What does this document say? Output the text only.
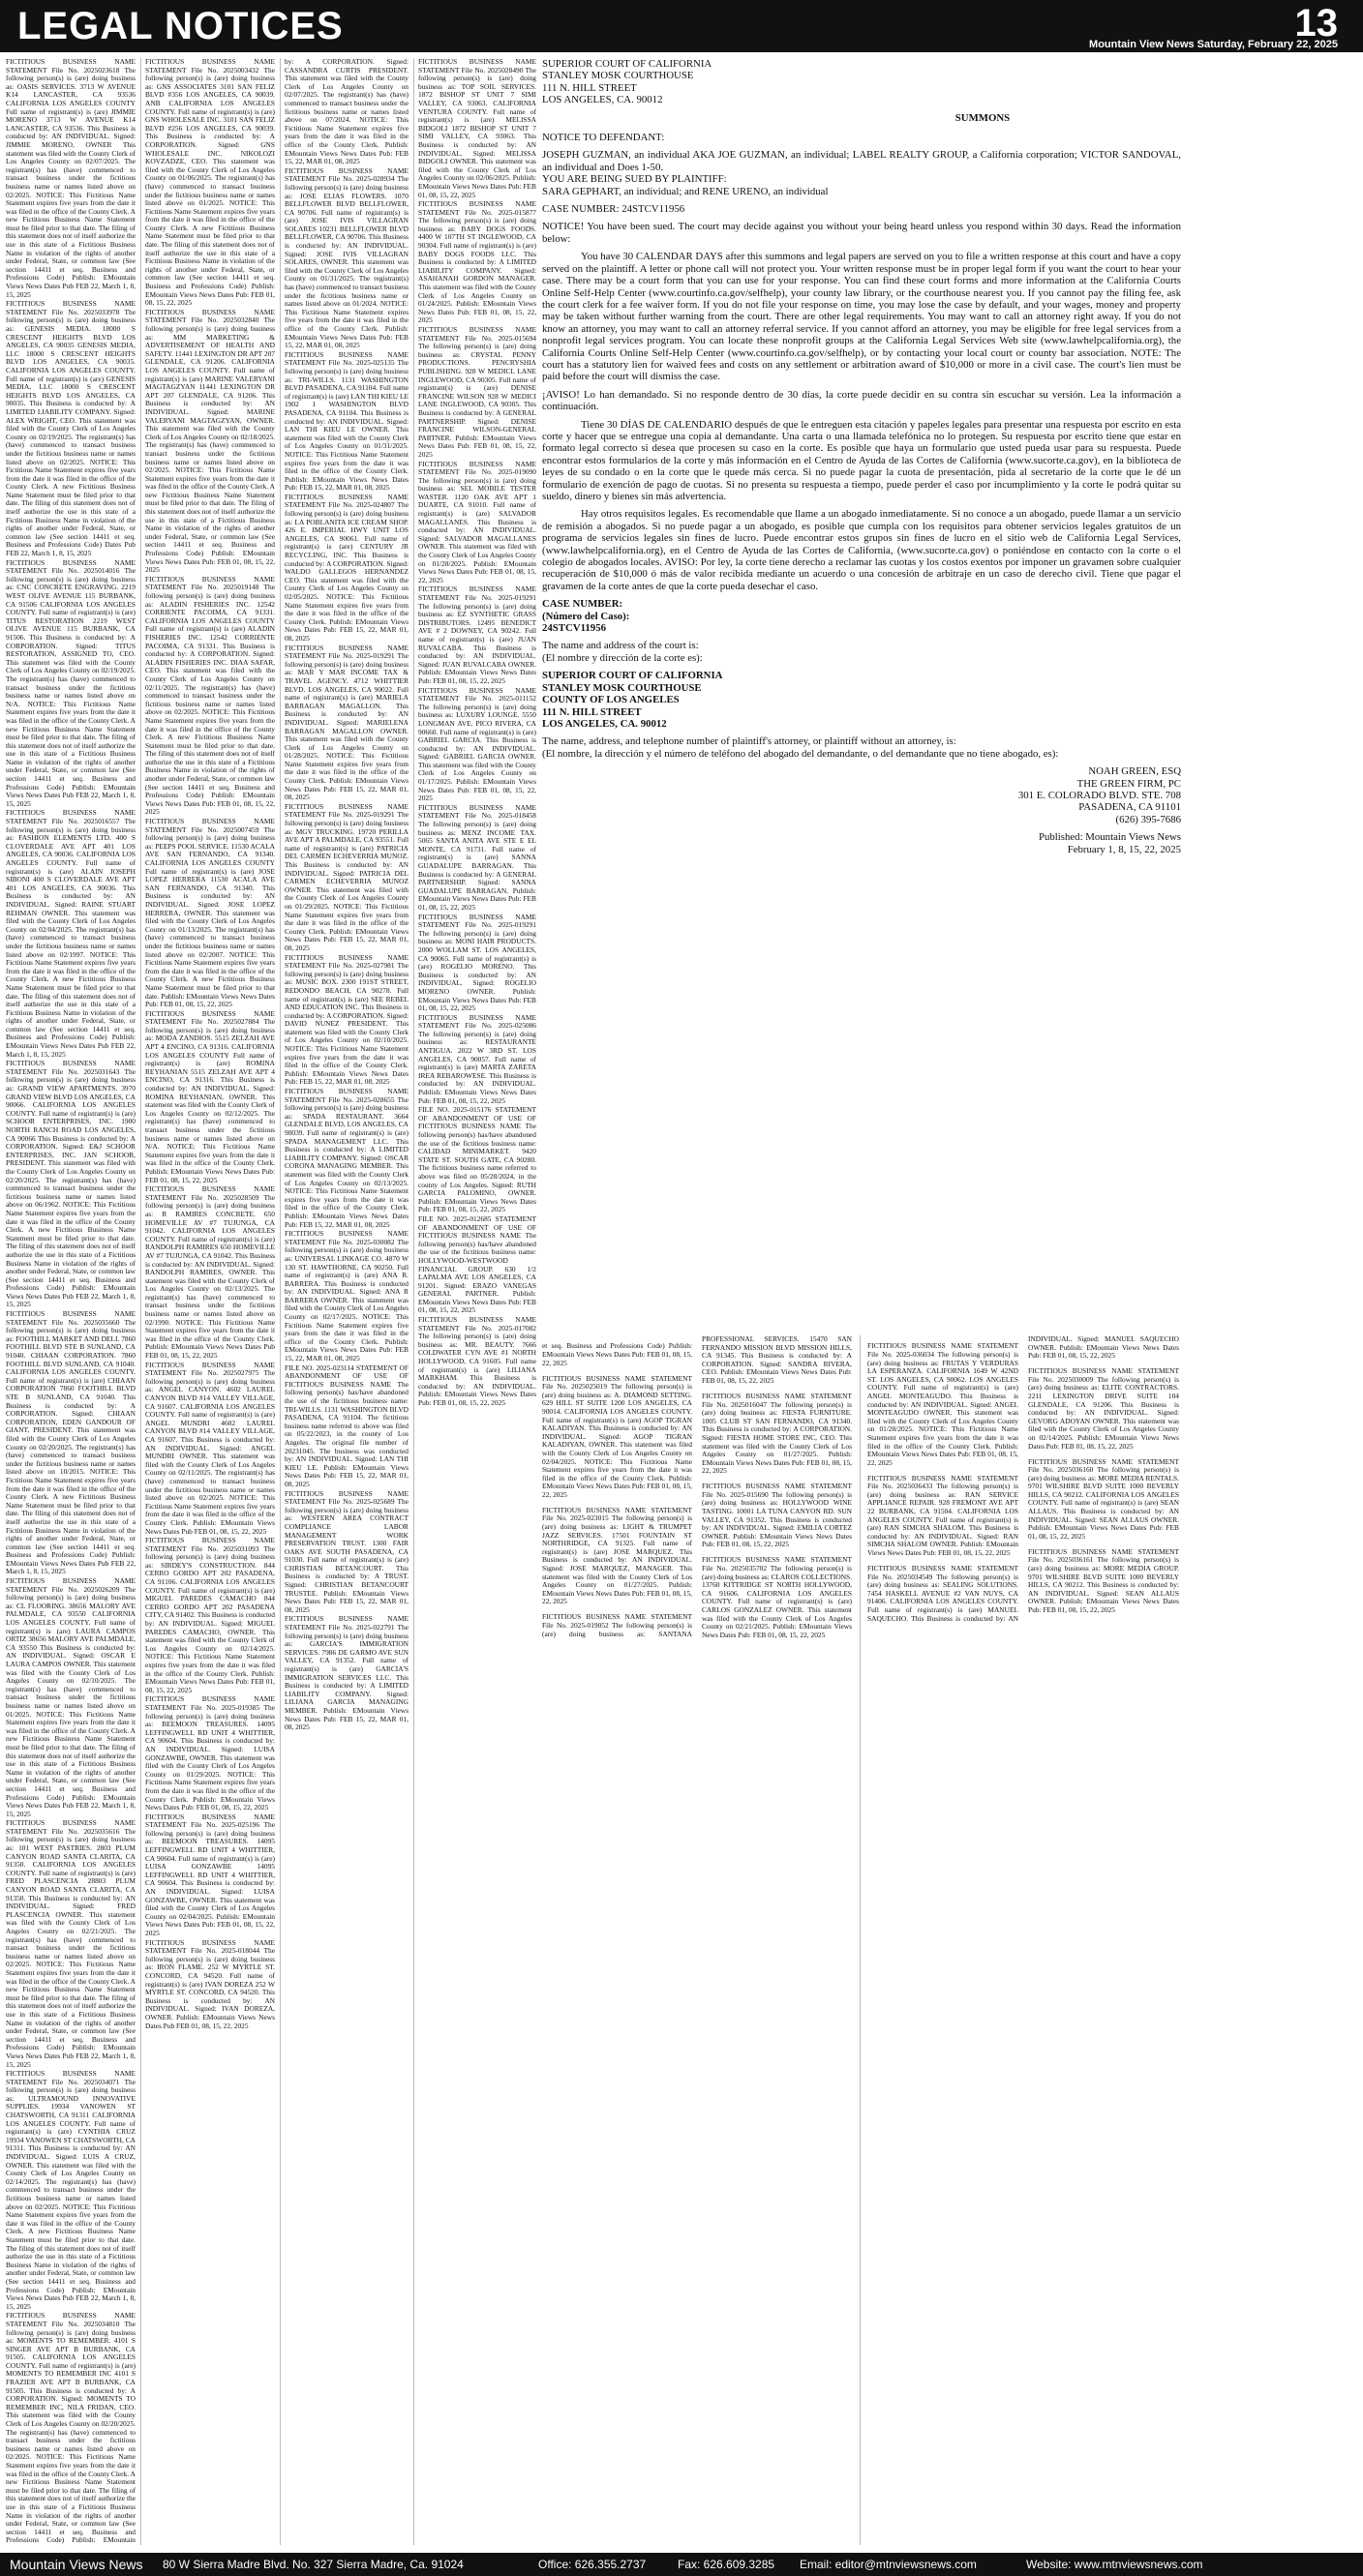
LEGAL NOTICES	13
Mountain View News Saturday, February 22, 2025

FICTITIOUS BUSINESS NAME STATEMENT File No. 2025023618 The following person(s) is (are) doing business as: OASIS SERVICES. 3713 W AVENUE K14 LANCASTER, CA 93536 CALIFORNIA LOS ANGELES COUNTY Full name of registrant(s) is (are) JIMMIE MORENO 3713 W AVENUE K14 LANCASTER, CA 93536. This Business is conducted by: AN INDIVIDUAL. Signed: JIMMIE MORENO, OWNER This statement was filed with the County Clerk of Los Angeles County on 02/07/2025. The registrant(s) has (have) commenced to transact business under the fictitious business name or names listed above on 02/2025. NOTICE: This Fictitious Name Statement expires five years from the date it was filed in the office of the County Clerk. A new Fictitious Business Name Statement must be filed prior to that date. The filing of this statement does not of itself authorize the use in this state of a Fictitious Business Name in violation of the rights of another under Federal, State, or common law (See section 14411 et seq. Business and Professions Code) Publish: EMountain Views News Dates Pub FEB 22, March 1, 8, 15, 2025

FICTITIOUS BUSINESS NAME STATEMENT File No. 2025033978 The following person(s) is (are) doing business as: GENESIS MEDIA. 18000 S CRESCENT HEIGHTS BLVD LOS ANGELES, CA 90035 GENESIS MEDIA, LLC 18000 S CRESCENT HEIGHTS BLVD LOS ANGELES, CA 90035. CALIFORNIA LOS ANGELES COUNTY. Full name of registrant(s) is (are) GENESIS MEDIA, LLC 18000 S CRESCENT HEIGHTS BLVD LOS ANGELES, CA 90035. This Business is conducted by: A LIMITED LIABILITY COMPANY. Signed: ALEX WRIGHT, CEO. This statement was filed with the County Clerk of Los Angeles County on 02/19/2025. The registrant(s) has (have) commenced to transact business under the fictitious business name or names listed above on 02/2025. NOTICE: This Fictitious Name Statement expires five years from the date it was filed in the office of the County Clerk. A new Fictitious Business Name Statement must be filed prior to that date. The filing of this statement does not of itself authorize the use in this state of a Fictitious Business Name in violation of the rights of another under Federal, State, or common law (See section 14411 et seq. Business and Professions Code) Dates Pub FEB 22, March 1, 8, 15, 2025

FICTITIOUS BUSINESS NAME STATEMENT File No. 2025014016 The following person(s) is (are) doing business as: CNC CONCRETE ENGRAVING. 2219 WEST OLIVE AVENUE 115 BURBANK, CA 91506 CALIFORNIA LOS ANGELES COUNTY. Full name of registrant(s) is (are) TITUS RESTORATION 2219 WEST OLIVE AVENUE 115 BURBANK, CA 91506. This Business is conducted by: A CORPORATION. Signed: TITUS RESTORATION, ASSIGNED TO, CEO. This statement was filed with the County Clerk of Los Angeles County on 02/19/2025. The registrant(s) has (have) commenced to transact business under the fictitious business name or names listed above on N/A. NOTICE: This Fictitious Name Statement expires five years from the date it was filed in the office of the County Clerk. A new Fictitious Business Name Statement must be filed prior to that date. The filing of this statement does not of itself authorize the use in this state of a Fictitious Business Name in violation of the rights of another under Federal, State, or common law (See section 14411 et seq. Business and Professions Code) Publish: EMountain Views News Dates Pub FEB 22, March 1, 8, 15, 2025

FICTITIOUS BUSINESS NAME STATEMENT File No. 2025016557 The following person(s) is (are) doing business as: FASHION ELEMENTS LTD. 400 S CLOVERDALE AVE APT 401 LOS ANGELES, CA 90036. CALIFORNIA LOS ANGELES COUNTY. Full name of registrant(s) is (are) ALAIN JOSEPH SIBONI 400 S CLOVERDALE AVE APT 401 LOS ANGELES, CA 90036. This Business is conducted by: AN INDIVIDUAL. Signed: RAINE STUART REHMAN OWNER. This statement was filed with the County Clerk of Los Angeles County on 02/04/2025. The registrant(s) has (have) commenced to transact business under the fictitious business name or names listed above on 02/1997. NOTICE: This Fictitious Name Statement expires five years from the date it was filed in the office of the County Clerk. A new Fictitious Business Name Statement must be filed prior to that date. The filing of this statement does not of itself authorize the use in this state of a Fictitious Business Name in violation of the rights of another under Federal, State, or common law (See section 14411 et seq. Business and Professions Code) Publish: EMountain Views News Dates Pub FEB 22, March 1, 8, 15, 2025

FICTITIOUS BUSINESS NAME STATEMENT File No. 2025031643 The following person(s) is (are) doing business as: GRAND VIEW APARTMENTS. 3970 GRAND VIEW BLVD LOS ANGELES, CA 90066. CALIFORNIA LOS ANGELES COUNTY. Full name of registrant(s) is (are) SCHOOR ENTERPRISES, INC. 1900 NORTH RANCH ROAD LOS ANGELES, CA 90066 This Business is conducted by: A CORPORATION. Signed: E&J SCHOOR ENTERPRISES, INC. JAN SCHOOR, PRESIDENT. This statement was filed with the County Clerk of Los Angeles County on 02/20/2025. The registrant(s) has (have) commenced to transact business under the fictitious business name or names listed above on 06/1962. NOTICE: This Fictitious Name Statement expires five years from the date it was filed in the office of the County Clerk. A new Fictitious Business Name Statement must be filed prior to that date. The filing of this statement does not of itself authorize the use in this state of a Fictitious Business Name in violation of the rights of another under Federal, State, or common law (See section 14411 et seq. Business and Professions Code) Publish: EMountain Views News Dates Pub FEB 22, March 1, 8, 15, 2025

FICTITIOUS BUSINESS NAME STATEMENT File No. 2025035660 The following person(s) is (are) doing business as: FOOTHILL MARKET AND DELI. 7860 FOOTHILL BLVD STE B SUNLAND, CA 91040. CHIAAN CORPORATION. 7860 FOOTHILL BLVD SUNLAND, CA 91040. CALIFORNIA LOS ANGELES COUNTY. Full name of registrant(s) is (are) CHIAAN CORPORATION 7860 FOOTHILL BLVD STE B SUNLAND, CA 91040. This Business is conducted by: A CORPORATION. Signed: CHIAAN CORPORATION, EDEN GANDOUR OF GIANT, PRESIDENT. This statement was filed with the County Clerk of Los Angeles County on 02/20/2025. The registrant(s) has (have) commenced to transact business under the fictitious business name or names listed above on 10/2015. NOTICE: This Fictitious Name Statement expires five years from the date it was filed in the office of the County Clerk. A new Fictitious Business Name Statement must be filed prior to that date. The filing of this statement does not of itself authorize the use in this state of a Fictitious Business Name in violation of the rights of another under Federal, State, or common law (See section 14411 et seq. Business and Professions Code) Publish: EMountain Views News Dates Pub FEB 22, March 1, 8, 15, 2025

FICTITIOUS BUSINESS NAME STATEMENT File No. 2025026209 The following person(s) is (are) doing business as: CL FLOORING. 38656 MALORY AVE PALMDALE, CA 93550 CALIFORNIA LOS ANGELES COUNTY. Full name of registrant(s) is (are) LAURA CAMPOS ORTIZ 38656 MALORY AVE PALMDALE, CA 93550 This Business is conducted by: AN INDIVIDUAL. Signed: OSCAR E LAURA CAMPOS OWNER. This statement was filed with the County Clerk of Los Angeles County on 02/10/2025. The registrant(s) has (have) commenced to transact business under the fictitious business name or names listed above on 01/2025. NOTICE: This Fictitious Name Statement expires five years from the date it was filed in the office of the County Clerk. A new Fictitious Business Name Statement must be filed prior to that date. The filing of this statement does not of itself authorize the use in this state of a Fictitious Business Name in violation of the rights of another under Federal, State, or common law (See section 14411 et seq. Business and Professions Code) Publish: EMountain Views News Dates Pub FEB 22, March 1, 8, 15, 2025

FICTITIOUS BUSINESS NAME STATEMENT File No. 2025035616 The following person(s) is (are) doing business as: 101 WEST PASTRIES. 2803 PLUM CANYON ROAD SANTA CLARITA, CA 91350. CALIFORNIA LOS ANGELES COUNTY. Full name of registrant(s) is (are) FRED PLASCENCIA 28803 PLUM CANYON ROAD SANTA CLARITA, CA 91350. This Business is conducted by: AN INDIVIDUAL. Signed: FRED PLASCENCIA OWNER. This statement was filed with the County Clerk of Los Angeles County on 02/21/2025. The registrant(s) has (have) commenced to transact business under the fictitious business name or names listed above on 02/2025. NOTICE: This Fictitious Name Statement expires five years from the date it was filed in the office of the County Clerk. A new Fictitious Business Name Statement must be filed prior to that date. The filing of this statement does not of itself authorize the use in this state of a Fictitious Business Name in violation of the rights of another under Federal, State, or common law (See section 14411 et seq. Business and Professions Code) Publish: EMountain Views News Dates Pub FEB 22, March 1, 8, 15, 2025

FICTITIOUS BUSINESS NAME STATEMENT File No. 2025034071 The following person(s) is (are) doing business as: ULTRAMOUND INNOVATIVE SUPPLIES. 19934 VANOWEN ST CHATSWORTH, CA 91311 CALIFORNIA LOS ANGELES COUNTY. Full name of registrant(s) is (are) CYNTHIA CRUZ 19934 VANOWEN ST CHATSWORTH, CA 91311. This Business is conducted by: AN INDIVIDUAL. Signed: LUIS A CRUZ, OWNER. This statement was filed with the County Clerk of Los Angeles County on 02/14/2025. The registrant(s) has (have) commenced to transact business under the fictitious business name or names listed above on 02/2025. NOTICE: This Fictitious Name Statement expires five years from the date it was filed in the office of the County Clerk. A new Fictitious Business Name Statement must be filed prior to that date. The filing of this statement does not of itself authorize the use in this state of a Fictitious Business Name in violation of the rights of another under Federal, State, or common law (See section 14411 et seq. Business and Professions Code) Publish: EMountain Views News Dates Pub FEB 22, March 1, 8, 15, 2025

FICTITIOUS BUSINESS NAME STATEMENT File No. 2025034810 The following person(s) is (are) doing business as: MOMENTS TO REMEMBER. 4101 S SINGER AVE APT B BURBANK, CA 91505. CALIFORNIA LOS ANGELES COUNTY. Full name of registrant(s) is (are) MOMENTS TO REMEMBER INC 4101 S FRAZIER AVE APT B BURBANK, CA 91505. This Business is conducted by: A CORPORATION. Signed: MOMENTS TO REMEMBER INC, NILA FRIDAN, CEO. This statement was filed with the County Clerk of Los Angeles County on 02/20/2025. The registrant(s) has (have) commenced to transact business under the fictitious business name or names listed above on 02/2025. NOTICE: This Fictitious Name Statement expires five years from the date it was filed in the office of the County Clerk. A new Fictitious Business Name Statement must be filed prior to that date. The filing of this statement does not of itself authorize the use in this state of a Fictitious Business Name in violation of the rights of another under Federal, State, or common law (See section 14411 et seq. Business and Professions Code) Publish: EMountain

FICTITIOUS BUSINESS NAME STATEMENT File No. 2025003432 The following person(s) is (are) doing business as: GNS ASSOCIATES 3101 SAN FELIZ BLVD #356 LOS ANGELES, CA 90039. ANB CALIFORNIA LOS ANGELES COUNTY. Full name of registrant(s) is (are) GNS WHOLESALE INC. 3101 SAN FELIZ BLVD #256 LOS ANGELES, CA 90039. This Business is conducted by: A CORPORATION. Signed: GNS WHOLESALE INC. NIKOLOZI KOVZADZE, CEO. This statement was filed with the County Clerk of Los Angeles County on 01/06/2025. The registrant(s) has (have) commenced to transact business under the fictitious business name or names listed above on 01/2025. NOTICE: This Fictitious Name Statement expires five years from the date it was filed in the office of the County Clerk. A new Fictitious Business Name Statement must be filed prior to that date. The filing of this statement does not of itself authorize the use in this state of a Fictitious Business Name in violation of the rights of another under Federal, State, or common law (See section 14411 et seq. Business and Professions Code) Publish: EMountain Views News Dates Pub: FEB 01, 08, 15, 22, 2025

FICTITIOUS BUSINESS NAME STATEMENT File No. 2025032840 The following person(s) is (are) doing business as: MM MARKETING & ADVERTISEMENT OF HEALTH AND SAFETY. 11441 LEXINGTON DR APT 207 GLENDALE, CA 91206. CALIFORNIA LOS ANGELES COUNTY. Full name of registrant(s) is (are) MARINE VALERYANI MAGTAGZYAN 11441 LEXINGTON DR APT 207 GLENDALE, CA 91206. This Business is conducted by: AN INDIVIDUAL. Signed: MARINE VALERYANI MAGTAGZYAN, OWNER. This statement was filed with the County Clerk of Los Angeles County on 02/18/2025. The registrant(s) has (have) commenced to transact business under the fictitious business name or names listed above on 02/2025. NOTICE: This Fictitious Name Statement expires five years from the date it was filed in the office of the County Clerk. A new Fictitious Business Name Statement must be filed prior to that date. The filing of this statement does not of itself authorize the use in this state of a Fictitious Business Name in violation of the rights of another under Federal, State, or common law (See section 14411 et seq. Business and Professions Code) Publish: EMountain Views News Dates Pub: FEB 01, 08, 15, 22, 2025

FICTITIOUS BUSINESS NAME STATEMENT File No. 2025019148 The following person(s) is (are) doing business as: ALADIN FISHERIES INC. 12542 CORRIENTE PACOIMA, CA 91331. CALIFORNIA LOS ANGELES COUNTY Full name of registrant(s) is (are) ALADIN FISHERIES INC. 12542 CORRIENTE PACOIMA, CA 91331. This Business is conducted by: A CORPORATION. Signed: ALADIN FISHERIES INC. DIAA SAFAR, CEO. This statement was filed with the County Clerk of Los Angeles County on 02/11/2025. The registrant(s) has (have) commenced to transact business under the fictitious business name or names listed above on 02/2025. NOTICE: This Fictitious Name Statement expires five years from the date it was filed in the office of the County Clerk. A new Fictitious Business Name Statement must be filed prior to that date. The filing of this statement does not of itself authorize the use in this state of a Fictitious Business Name in violation of the rights of another under Federal, State, or common law (See section 14411 et seq. Business and Professions Code) Publish: EMountain Views News Dates Pub: FEB 01, 08, 15, 22, 2025

FICTITIOUS BUSINESS NAME STATEMENT File No. 2025007459 The following person(s) is (are) doing business as: PEEPS POOL SERVICE. 11530 ACALA AVE SAN FERNANDO, CA 91340. CALIFORNIA LOS ANGELES COUNTY Full name of registrant(s) is (are) JOSE LOPEZ HERRERA 11530 ACALA AVE SAN FERNANDO, CA 91340. This Business is conducted by: AN INDIVIDUAL. Signed: JOSE LOPEZ HERRERA, OWNER. This statement was filed with the County Clerk of Los Angeles County on 01/13/2025. The registrant(s) has (have) commenced to transact business under the fictitious business name or names listed above on 02/2007. NOTICE: This Fictitious Name Statement expires five years from the date it was filed in the office of the County Clerk. A new Fictitious Business Name Statement must be filed prior to that date. Publish: EMountain Views News Dates Pub: FEB 01, 08, 15, 22, 2025

FICTITIOUS BUSINESS NAME STATEMENT File No. 2025027884 The following person(s) is (are) doing business as: MODA ZANDIOS. 5515 ZELZAH AVE APT 4 ENCINO, CA 91316. CALIFORNIA LOS ANGELES COUNTY Full name of registrant(s) is (are) ROMINA REYHANIAN 5515 ZELZAH AVE APT 4 ENCINO, CA 91316. This Business is conducted by: AN INDIVIDUAL. Signed: ROMINA REYHANIAN, OWNER. This statement was filed with the County Clerk of Los Angeles County on 02/12/2025. The registrant(s) has (have) commenced to transact business under the fictitious business name or names listed above on N/A. NOTICE: This Fictitious Name Statement expires five years from the date it was filed in the office of the County Clerk. Publish: EMountain Views News Dates Pub: FEB 01, 08, 15, 22, 2025

FICTITIOUS BUSINESS NAME STATEMENT File No. 2025028509 The following person(s) is (are) doing business as: R RAMIRES CONCRETE. 650 HOMEVILLE AV #7 TUJUNGA, CA 91042. CALIFORNIA LOS ANGELES COUNTY. Full name of registrant(s) is (are) RANDOLPH RAMIRES 650 HOMEVILLE AV #7 TUJUNGA, CA 91042. This Business is conducted by: AN INDIVIDUAL. Signed: RANDOLPH RAMIRES, OWNER. This statement was filed with the County Clerk of Los Angeles County on 02/13/2025. The registrant(s) has (have) commenced to transact business under the fictitious business name or names listed above on 02/1990. NOTICE: This Fictitious Name Statement expires five years from the date it was filed in the office of the County Clerk. Publish: EMountain Views News Dates Pub FEB 01, 08, 15, 22, 2025

FICTITIOUS BUSINESS NAME STATEMENT File No. 2025027975 The following person(s) is (are) doing business as: ANGEL CANYON. 4602 LAUREL CANYON BLVD #14 VALLEY VILLAGE, CA 91607. CALIFORNIA LOS ANGELES COUNTY. Full name of registrant(s) is (are) ANGEL MUNDRI 4602 LAUREL CANYON BLVD #14 VALLEY VILLAGE, CA 91607. This Business is conducted by: AN INDIVIDUAL. Signed: ANGEL MUNDRI OWNER. This statement was filed with the County Clerk of Los Angeles County on 02/11/2025. The registrant(s) has (have) commenced to transact business under the fictitious business name or names listed above on 02/2025. NOTICE: This Fictitious Name Statement expires five years from the date it was filed in the office of the County Clerk. Publish: EMountain Views News Dates Pub FEB 01, 08, 15, 22, 2025

FICTITIOUS BUSINESS NAME STATEMENT File No. 2025031093 The following person(s) is (are) doing business as: SIRDEY'S CONSTRUCTION. 844 CERRO GORDO APT 202 PASADENA, CA 91106. CALIFORNIA LOS ANGELES COUNTY. Full name of registrant(s) is (are) MIGUEL PAREDES CAMACHO 844 CERRO GORDO APT 202 PASADENA CITY, CA 91402. This Business is conducted by: AN INDIVIDUAL. Signed: MIGUEL PAREDES CAMACHO, OWNER. This statement was filed with the County Clerk of Los Angeles County on 02/14/2025. NOTICE: This Fictitious Name Statement expires five years from the date it was filed in the office of the County Clerk. Publish: EMountain Views News Dates Pub: FEB 01, 08, 15, 22, 2025

FICTITIOUS BUSINESS NAME STATEMENT File No. 2025-019385 The following person(s) is (are) doing business as: BEEMOON TREASURES. 14095 LEFFINGWELL RD UNIT 4 WHITTIER, CA 90604. This Business is conducted by: AN INDIVIDUAL. Signed: LUISA GONZAWBE, OWNER. This statement was filed with the County Clerk of Los Angeles County on 01/29/2025. NOTICE: This Fictitious Name Statement expires five years from the date it was filed in the office of the County Clerk. Publish: EMountain Views News Dates Pub: FEB 01, 08, 15, 22, 2025

FICTITIOUS BUSINESS NAME STATEMENT File No. 2025-025196 The following person(s) is (are) doing business as: BEEMOON TREASURES. 14095 LEFFINGWELL RD UNIT 4 WHITTIER, CA 90604. Full name of registrant(s) is (are) LUISA GONZAWBE 14095 LEFFINGWELL RD UNIT 4 WHITTIER, CA 90604. This Business is conducted by: AN INDIVIDUAL. Signed: LUISA GONZAWBE, OWNER. This statement was filed with the County Clerk of Los Angeles County on 02/04/2025. Publish: EMountain Views News Dates Pub: FEB 01, 08, 15, 22, 2025

FICTITIOUS BUSINESS NAME STATEMENT File No. 2025-018044 The following person(s) is (are) doing business as: IRON FLAME. 252 W MYRTLE ST. CONCORD, CA 94520. Full name of registrant(s) is (are) IVAN DOREZA 252 W MYRTLE ST. CONCORD, CA 94520. This Business is conducted by: AN INDIVIDUAL. Signed: IVAN DOREZA, OWNER. Publish: EMountain Views News Dates Pub FEB 01, 08, 15, 22, 2025

by: A CORPORATION. Signed: CASSANDRA CURTIS PRESIDENT. This statement was filed with the County Clerk of Los Angeles County on 02/07/2025. The registrant(s) has (have) commenced to transact business under the fictitious business name or names listed above on 07/2024. NOTICE: This Fictitious Name Statement expires five years from the date it was filed in the office of the County Clerk. Publish: EMountain Views News Dates Pub: FEB 15, 22, MAR 01, 08, 2025

FICTITIOUS BUSINESS NAME STATEMENT File No. 2025-028934 The following person(s) is (are) doing business as: JOSE ELIAS FLOWERS. 1070 BELLFLOWER BLVD BELLFLOWER, CA 90706. Full name of registrant(s) is (are) JOSE IVIS VILLAGRAN SOLARES 10231 BELLFLOWER BLVD BELLFLOWER, CA 90706. This Business is conducted by: AN INDIVIDUAL. Signed: JOSE IVIS VILLAGRAN SOLARES, OWNER. This statement was filed with the County Clerk of Los Angeles County on 01/31/2025. The registrant(s) has (have) commenced to transact business under the fictitious business name or names listed above on 01/2024. NOTICE: This Fictitious Name Statement expires five years from the date it was filed in the office of the County Clerk. Publish: EMountain Views News Dates Pub: FEB 15, 22, MAR 01, 08, 2025

FICTITIOUS BUSINESS NAME STATEMENT File No. 2025-025135 The following person(s) is (are) doing business as: TRI-WILLS. 1131 WASHINGTON BLVD PASADENA, CA 91104. Full name of registrant(s) is (are) LAN THI KIEU LE 1902 1 WASHINGTON BLVD PASADENA, CA 91104. This Business is conducted by: AN INDIVIDUAL. Signed: LAN THI KIEU LE OWNER. This statement was filed with the County Clerk of Los Angeles County on 01/31/2025. NOTICE: This Fictitious Name Statement expires five years from the date it was filed in the office of the County Clerk. Publish: EMountain Views News Dates Pub: FEB 15, 22, MAR 01, 08, 2025

FICTITIOUS BUSINESS NAME STATEMENT File No. 2025-024807 The following person(s) is (are) doing business as: LA POBLANITA ICE CREAM SHOP. 426 E. IMPERIAL HWY UNIT LOS ANGELES, CA 90061. Full name of registrant(s) is (are) CENTURY JR RECYCLING, INC. This Business is conducted by: A CORPORATION. Signed: WALDO GALLEGOS HERNANDEZ CEO. This statement was filed with the County Clerk of Los Angeles County on 02/05/2025. NOTICE: This Fictitious Name Statement expires five years from the date it was filed in the office of the County Clerk. Publish: EMountain Views News Dates Pub: FEB 15, 22, MAR 01, 08, 2025

FICTITIOUS BUSINESS NAME STATEMENT File No. 2025-019291 The following person(s) is (are) doing business as: MAR Y MAR INCOME TAX & TRAVEL AGENCY. 4712 WHITTIER BLVD. LOS ANGELES, CA 90022. Full name of registrant(s) is (are) MARIELA BARRAGAN MAGALLON. This Business is conducted by: AN INDIVIDUAL. Signed: MARIELENA BARRAGAN MAGALLON OWNER. This statement was filed with the County Clerk of Los Angeles County on 01/28/2025. NOTICE: This Fictitious Name Statement expires five years from the date it was filed in the office of the County Clerk. Publish: EMountain Views News Dates Pub: FEB 15, 22, MAR 01, 08, 2025

FICTITIOUS BUSINESS NAME STATEMENT File No. 2025-019291 The following person(s) is (are) doing business as: MGV TRUCKING. 19720 PERILLA AVE APT A PALMDALE, CA 93551. Full name of registrant(s) is (are) PATRICIA DEL CARMEN ECHEVERRIA MUNOZ. This Business is conducted by: AN INDIVIDUAL. Signed: PATRICIA DEL CARMEN ECHEVERRIA MUNOZ OWNER. This statement was filed with the County Clerk of Los Angeles County on 01/29/2025. NOTICE: This Fictitious Name Statement expires five years from the date it was filed in the office of the County Clerk. Publish: EMountain Views News Dates Pub: FEB 15, 22, MAR 01, 08, 2025

FICTITIOUS BUSINESS NAME STATEMENT File No. 2025-027981 The following person(s) is (are) doing business as: MUSIC BOX. 2300 191ST STREET, REDONDO BEACH, CA 90278. Full name of registrant(s) is (are) SEE REBEL AND EDUCATION INC. This Business is conducted by: A CORPORATION. Signed: DAVID NUNEZ PRESIDENT. This statement was filed with the County Clerk of Los Angeles County on 02/10/2025. NOTICE: This Fictitious Name Statement expires five years from the date it was filed in the office of the County Clerk. Publish: EMountain Views News Dates Pub: FEB 15, 22, MAR 01, 08, 2025

FICTITIOUS BUSINESS NAME STATEMENT File No. 2025-028655 The following person(s) is (are) doing business as: SPADA RESTAURANT. 3664 GLENDALE BLVD, LOS ANGELES, CA 90039. Full name of registrant(s) is (are) SPADA MANAGEMENT LLC. This Business is conducted by: A LIMITED LIABILITY COMPANY. Signed: OSCAR CORONA MANAGING MEMBER. This statement was filed with the County Clerk of Los Angeles County on 02/13/2025. NOTICE: This Fictitious Name Statement expires five years from the date it was filed in the office of the County Clerk. Publish: EMountain Views News Dates Pub: FEB 15, 22, MAR 01, 08, 2025

FICTITIOUS BUSINESS NAME STATEMENT File No. 2025-030082 The following person(s) is (are) doing business as: UNIVERSAL LINKAGE CO. 4870 W 130 ST. HAWTHORNE, CA 90250. Full name of registrant(s) is (are) ANA R. BARRERA. This Business is conducted by: AN INDIVIDUAL. Signed: ANA R BARRERA OWNER. This statement was filed with the County Clerk of Los Angeles County on 02/17/2025. NOTICE: This Fictitious Name Statement expires five years from the date it was filed in the office of the County Clerk. Publish: EMountain Views News Dates Pub: FEB 15, 22, MAR 01, 08, 2025

FILE NO. 2025-023114 STATEMENT OF ABANDONMENT OF USE OF FICTITIOUS BUSINESS NAME The following person(s) has/have abandoned the use of the fictitious business name: TRI-WILLS. 1131 WASHINGTON BLVD PASADENA, CA 91104. The fictitious business name referred to above was filed on 05/22/2023, in the county of Los Angeles. The original file number of 20231045. The business was conducted by: AN INDIVIDUAL. Signed: LAN THI KIEU LE. Publish: EMountain Views News Dates Pub: FEB 15, 22, MAR 01, 08, 2025

FICTITIOUS BUSINESS NAME STATEMENT File No. 2025-025689 The following person(s) is (are) doing business as: WESTERN AREA CONTRACT COMPLIANCE LABOR MANAGEMENT WORK PRESERVATION TRUST. 1300 FAIR OAKS AVE SOUTH PASADENA, CA 91030. Full name of registrant(s) is (are) CHRISTIAN BETANCOURT. This Business is conducted by: A TRUST. Signed: CHRISTIAN BETANCOURT TRUSTEE. Publish: EMountain Views News Dates Pub: FEB 15, 22, MAR 01, 08, 2025

FICTITIOUS BUSINESS NAME STATEMENT File No. 2025-022791 The following person(s) is (are) doing business as: GARCIA'S IMMIGRATION SERVICES. 7986 DE GARMO AVE SUN VALLEY, CA 91352. Full name of registrant(s) is (are) GARCIA'S IMMIGRATION SERVICES LLC. This Business is conducted by: A LIMITED LIABILITY COMPANY. Signed: LILIANA GARCIA MANAGING MEMBER. Publish: EMountain Views News Dates Pub: FEB 15, 22, MAR 01, 08, 2025

FICTITIOUS BUSINESS NAME STATEMENT File No. 2025028490 The following person(s) is (are) doing business as: TOP SOIL SERVICES. 1872 BISHOP ST UNIT 7 SIMI VALLEY, CA 93063. CALIFORNIA VENTURA COUNTY. Full name of registrant(s) is (are) MELISSA BIDGOLI 1872 BISHOP ST UNIT 7 SIMI VALLEY, CA 93063. This Business is conducted by: AN INDIVIDUAL. Signed: MELISSA BIDGOLI OWNER. This statement was filed with the County Clerk of Los Angeles County on 02/06/2025. Publish: EMountain Views News Dates Pub: FEB 01, 08, 15, 22, 2025

FICTITIOUS BUSINESS NAME STATEMENT File No. 2025-015877 The following person(s) is (are) doing business as: BABY DOGS FOODS. 4400 W 107TH ST INGLEWOOD, CA 90304. Full name of registrant(s) is (are) BABY DOGS FOODS LLC. This Business is conducted by: A LIMITED LIABILITY COMPANY. Signed: ASAHANAH GORDON MANAGER. This statement was filed with the County Clerk of Los Angeles County on 01/24/2025. Publish: EMountain Views News Dates Pub: FEB 01, 08, 15, 22, 2025

FICTITIOUS BUSINESS NAME STATEMENT File No. 2025-015694 The following person(s) is (are) doing business as: CRYSTAL PENNY PRODUCTIONS. PENCRYSHIA PUBLISHING. 928 W MEDICL LANE INGLEWOOD, CA 90305. Full name of registrant(s) is (are) DENISE FRANCINE WILSON 928 W MEDICI LANE INGLEWOOD, CA 90305. This Business is conducted by: A GENERAL PARTNERSHIP. Signed: DENISE FRANCINE WILSON-GENERAL PARTNER. Publish: EMountain Views News Dates Pub: FEB 01, 08, 15, 22, 2025

FICTITIOUS BUSINESS NAME STATEMENT File No. 2025-019090 The following person(s) is (are) doing business as: SEL MOBILE TESTER WASTER. 1120 OAK AVE APT 1 DUARTE, CA 91010. Full name of registrant(s) is (are) SALVADOR MAGALLANES. This Business is conducted by: AN INDIVIDUAL. Signed: SALVADOR MAGALLANES OWNER. This statement was filed with the County Clerk of Los Angeles County on 01/28/2025. Publish: EMountain Views News Dates Pub: FEB 01, 08, 15, 22, 2025

FICTITIOUS BUSINESS NAME STATEMENT File No. 2025-019291 The following person(s) is (are) doing business as: EZ SYNTHETIC GRASS DISTRIBUTORS. 12495 BENEDICT AVE # 2 DOWNEY, CA 90242. Full name of registrant(s) is (are) JUAN RUVALCABA. This Business is conducted by: AN INDIVIDUAL. Signed: JUAN RUVALCABA OWNER. Publish: EMountain Views News Dates Pub: FEB 01, 08, 15, 22, 2025

FICTITIOUS BUSINESS NAME STATEMENT File No. 2025-011152 The following person(s) is (are) doing business as: LUXURY LOUNGE. 5550 LONGMAN AVE. PICO RIVERA, CA 90660. Full name of registrant(s) is (are) GABRIEL GARCIA. This Business is conducted by: AN INDIVIDUAL. Signed: GABRIEL GARCIA OWNER. This statement was filed with the County Clerk of Los Angeles County on 01/17/2025. Publish: EMountain Views News Dates Pub: FEB 01, 08, 15, 22, 2025

FICTITIOUS BUSINESS NAME STATEMENT File No. 2025-018458 The following person(s) is (are) doing business as: MENZ INCOME TAX. 5065 SANTA ANITA AVE STE E EL MONTE, CA 91731. Full name of registrant(s) is (are) SANNA GUADALUPE BARRAGAN. This Business is conducted by: A GENERAL PARTNERSHIP. Signed: SANNA GUADALUPE BARRAGAN. Publish: EMountain Views News Dates Pub: FEB 01, 08, 15, 22, 2025

FICTITIOUS BUSINESS NAME STATEMENT File No. 2025-019291 The following person(s) is (are) doing business as: MONI HAIR PRODUCTS. 2000 WOLLAM ST. LOS ANGELES, CA 90065. Full name of registrant(s) is (are) ROGELIO MORENO. This Business is conducted by: AN INDIVIDUAL. Signed: ROGELIO MORENO OWNER. Publish: EMountain Views News Dates Pub: FEB 01, 08, 15, 22, 2025

FICTITIOUS BUSINESS NAME STATEMENT File No. 2025-025086 The following person(s) is (are) doing business as: RESTAURANTE ANTIGUA. 2022 W 3RD ST. LOS ANGELES, CA 90057. Full name of registrant(s) is (are) MARTA ZARETA IREA REBAROWESE. This Business is conducted by: AN INDIVIDUAL. Publish: EMountain Views News Dates Pub: FEB 01, 08, 15, 22, 2025

FILE NO. 2025-015176 STATEMENT OF ABANDONMENT OF USE OF FICTITIOUS BUSINESS NAME The following person(s) has/have abandoned the use of the fictitious business name: CALIDAD MINIMARKET. 9420 STATE ST. SOUTH GATE, CA 90280. The fictitious business name referred to above was filed on 05/28/2024, in the county of Los Angeles. Signed: RUTH GARCIA PALOMINO, OWNER. Publish: EMountain Views News Dates Pub: FEB 01, 08, 15, 22, 2025

FILE NO. 2025-012685 STATEMENT OF ABANDONMENT OF USE OF FICTITIOUS BUSINESS NAME The following person(s) has/have abandoned the use of the fictitious business name: HOLLYWOOD-WESTWOOD FINANCIAL GROUP. 630 1/2 LAPALMA AVE LOS ANGELES, CA 91201. Signed: ERAZO VANEGAS GENERAL PARTNER. Publish: EMountain Views News Dates Pub: FEB 01, 08, 15, 22, 2025

FICTITIOUS BUSINESS NAME STATEMENT File No. 2025-017082 The following person(s) is (are) doing business as: MR. BEAUTY. 7666 COLDWATER CYN AVE #1 NORTH HOLLYWOOD, CA 91605. Full name of registrant(s) is (are) LILIANA MARKHAM. This Business is conducted by: AN INDIVIDUAL. Publish: EMountain Views News Dates Pub: FEB 01, 08, 15, 22, 2025

SUPERIOR COURT OF CALIFORNIA

STANLEY MOSK COURTHOUSE

111 N. HILL STREET

LOS ANGELES, CA. 90012

SUMMONS

NOTICE TO DEFENDANT:

JOSEPH GUZMAN, an individual AKA JOE GUZMAN, an individual; LABEL REALTY GROUP, a California corporation; VICTOR SANDOVAL, an individual and Does 1-50.

YOU ARE BEING SUED BY PLAINTIFF:

SARA GEPHART, an individual; and RENE URENO, an individual

CASE NUMBER: 24STCV11956

NOTICE! You have been sued. The court may decide against you without your being heard unless you respond within 30 days. Read the information below:

You have 30 CALENDAR DAYS after this summons and legal papers are served on you to file a written response at this court and have a copy served on the plaintiff. A letter or phone call will not protect you. Your written response must be in proper legal form if you want the court to hear your case. There may be a court form that you can use for your response. You can find these court forms and more information at the California Courts Online Self-Help Center (www.courtinfo.ca.gov/selfhelp), your county law library, or the courthouse nearest you. If you cannot pay the filing fee, ask the court clerk for a fee waiver form. If you do not file your response on time, you may lose the case by default, and your wages, money and property may be taken without further warning from the court. There are other legal requirements. You may want to call an attorney right away. If you do not know an attorney, you may want to call an attorney referral service. If you cannot afford an attorney, you may be eligible for free legal services from a nonprofit legal services program. You can locate these nonprofit groups at the California Legal Services Web site (www.lawhelpcalifornia.org), the California Courts Online Self-Help Center (www.courtinfo.ca.gov/selfhelp), or by contacting your local court or county bar association. NOTE: The court has a statutory lien for waived fees and costs on any settlement or arbitration award of $10,000 or more in a civil case. The court's lien must be paid before the court will dismiss the case.

¡AVISO! Lo han demandado. Si no responde dentro de 30 días, la corte puede decidir en su contra sin escuchar su versión. Lea la información a continuación.

Tiene 30 DÍAS DE CALENDARIO después de que le entreguen esta citación y papeles legales para presentar una respuesta por escrito en esta corte y hacer que se entregue una copia al demandante. Una carta o una llamada telefónica no lo protegen. Su respuesta por escrito tiene que estar en formato legal correcto si desea que procesen su caso en la corte. Es posible que haya un formulario que usted pueda usar para su respuesta. Puede encontrar estos formularios de la corte y más información en el Centro de Ayuda de las Cortes de California (www.sucorte.ca.gov), en la biblioteca de leyes de su condado o en la corte que le quede más cerca. Si no puede pagar la cuota de presentación, pida al secretario de la corte que le dé un formulario de exención de pago de cuotas. Si no presenta su respuesta a tiempo, puede perder el caso por incumplimiento y la corte le podrá quitar su sueldo, dinero y bienes sin más advertencia.

Hay otros requisitos legales. Es recomendable que llame a un abogado inmediatamente. Si no conoce a un abogado, puede llamar a un servicio de remisión a abogados. Si no puede pagar a un abogado, es posible que cumpla con los requisitos para obtener servicios legales gratuitos de un programa de servicios legales sin fines de lucro. Puede encontrar estos grupos sin fines de lucro en el sitio web de California Legal Services, (www.lawhelpcalifornia.org), en el Centro de Ayuda de las Cortes de California, (www.sucorte.ca.gov) o poniéndose en contacto con la corte o el colegio de abogados locales. AVISO: Por ley, la corte tiene derecho a reclamar las cuotas y los costos exentos por imponer un gravamen sobre cualquier recuperación de $10,000 ó más de valor recibida mediante un acuerdo o una concesión de arbitraje en un caso de derecho civil. Tiene que pagar el gravamen de la corte antes de que la corte pueda desechar el caso.

CASE NUMBER:
(Número del Caso):
24STCV11956

The name and address of the court is:

(El nombre y dirección de la corte es):

SUPERIOR COURT OF CALIFORNIA
STANLEY MOSK COURTHOUSE
COUNTY OF LOS ANGELES
111 N. HILL STREET
LOS ANGELES, CA. 90012

The name, address, and telephone number of plaintiff's attorney, or plaintiff without an attorney, is:

(El nombre, la dirección y el número de teléfono del abogado del demandante, o del demandante que no tiene abogado, es):

NOAH GREEN, ESQ

THE GREEN FIRM, PC

301 E. COLORADO BLVD. STE. 708

PASADENA, CA 91101

(626) 395-7686

Published: Mountain Views News

February 1, 8, 15, 22, 2025

et seq. Business and Professions Code) Publish: EMountain Views News Dates Pub: FEB 01, 08, 15, 22, 2025

FICTITIOUS BUSINESS NAME STATEMENT File No. 2025025019 The following person(s) is (are) doing business as: A. DIAMOND SETTING. 629 HILL ST SUITE 1200 LOS ANGELES, CA 90014. CALIFORNIA LOS ANGELES COUNTY. Full name of registrant(s) is (are) AGOP TIGRAN KALADIYAN. This Business is conducted by: AN INDIVIDUAL. Signed: AGOP TIGRAN KALADIYAN, OWNER. This statement was filed with the County Clerk of Los Angeles County on 02/04/2025. NOTICE: This Fictitious Name Statement expires five years from the date it was filed in the office of the County Clerk. Publish: EMountain Views News Dates Pub: FEB 01, 08, 15, 22, 2025

FICTITIOUS BUSINESS NAME STATEMENT File No. 2025-023015 The following person(s) is (are) doing business as: LIGHT & TRUMPET JAZZ SERVICES. 17501 FOUNTAIN ST NORTHRIDGE, CA 91325. Full name of registrant(s) is (are) JOSE MARQUEZ. This Business is conducted by: AN INDIVIDUAL. Signed: JOSE MARQUEZ, MANAGER. This statement was filed with the County Clerk of Los Angeles County on 01/27/2025. Publish: EMountain Views News Dates Pub: FEB 01, 08, 15, 22, 2025

FICTITIOUS BUSINESS NAME STATEMENT File No. 2025-019052 The following person(s) is (are) doing business as: SANTANA PROFESSIONAL SERVICES. 15470 SAN FERNANDO MISSION BLVD MISSION HILLS, CA 91345. This Business is conducted by: A CORPORATION. Signed: SANDRA RIVERA, CEO. Publish: EMountain Views News Dates Pub: FEB 01, 08, 15, 22, 2025

FICTITIOUS BUSINESS NAME STATEMENT File No. 2025016047 The following person(s) is (are) doing business as: FIESTA FURNITURE. 1005 CLUB ST SAN FERNANDO, CA 91340. This Business is conducted by: A CORPORATION. Signed: FIESTA HOME STORE INC, CEO. This statement was filed with the County Clerk of Los Angeles County on 01/27/2025. Publish: EMountain Views News Dates Pub: FEB 01, 08, 15, 22, 2025

FICTITIOUS BUSINESS NAME STATEMENT File No. 2025-015690 The following person(s) is (are) doing business as: HOLLYWOOD WINE TASTING. 10001 LA TUNA CANYON RD. SUN VALLEY, CA 91352. This Business is conducted by: AN INDIVIDUAL. Signed: EMILIA CORTEZ OWNER. Publish: EMountain Views News Dates Pub: FEB 01, 08, 15, 22, 2025

FICTITIOUS BUSINESS NAME STATEMENT File No. 2025035702 The following person(s) is (are) doing business as: CLAROS COLLECTIONS. 13760 KITTRIDGE ST NORTH HOLLYWOOD, CA 91606. CALIFORNIA LOS ANGELES COUNTY. Full name of registrant(s) is (are) CARLOS GONZALEZ OWNER. This statement was filed with the County Clerk of Los Angeles County on 02/21/2025. Publish: EMountain Views News Dates Pub: FEB 01, 08, 15, 22, 2025

FICTITIOUS BUSINESS NAME STATEMENT File No. 2025-036034 The following person(s) is (are) doing business as: FRUTAS Y VERDURAS LA ESPERANZA. CALIFORNIA 1649 W 42ND ST. LOS ANGELES, CA 90062. LOS ANGELES COUNTY. Full name of registrant(s) is (are) ANGEL MONTEAGUDO. This Business is conducted by: AN INDIVIDUAL. Signed: ANGEL MONTEAGUDO OWNER. This statement was filed with the County Clerk of Los Angeles County on 01/28/2025. NOTICE: This Fictitious Name Statement expires five years from the date it was filed in the office of the County Clerk. Publish: EMountain Views News Dates Pub: FEB 01, 08, 15, 22, 2025

FICTITIOUS BUSINESS NAME STATEMENT File No. 2025036433 The following person(s) is (are) doing business as: RAN SERVICE APPLIANCE REPAIR. 928 FREMONT AVE APT 22 BURBANK, CA 91504. CALIFORNIA LOS ANGELES COUNTY. Full name of registrant(s) is (are) RAN SIMCHA SHALOM. This Business is conducted by: AN INDIVIDUAL. Signed: RAN SIMCHA SHALOM OWNER. Publish: EMountain Views News Dates Pub: FEB 01, 08, 15, 22, 2025

FICTITIOUS BUSINESS NAME STATEMENT File No. 2025034549 The following person(s) is (are) doing business as: SEALING SOLUTIONS. 7454 HASKELL AVENUE #2 VAN NUYS, CA 91406. CALIFORNIA LOS ANGELES COUNTY. Full name of registrant(s) is (are) MANUEL SAQUECHO. This Business is conducted by: AN INDIVIDUAL. Signed: MANUEL SAQUECHO OWNER. Publish: EMountain Views News Dates Pub: FEB 01, 08, 15, 22, 2025

FICTITIOUS BUSINESS NAME STATEMENT File No. 2025030009 The following person(s) is (are) doing business as: ELITE CONTRACTORS. 2211 LEXINGTON DRIVE SUITE 104 GLENDALE, CA 91206. This Business is conducted by: AN INDIVIDUAL. Signed: GEVORG ADOYAN OWNER. This statement was filed with the County Clerk of Los Angeles County on 02/14/2025. Publish: EMountain Views News Dates Pub: FEB 01, 08, 15, 22, 2025

FICTITIOUS BUSINESS NAME STATEMENT File No. 2025036160 The following person(s) is (are) doing business as: MORE MEDIA RENTALS. 9701 WILSHIRE BLVD SUITE 1000 BEVERLY HILLS, CA 90212. CALIFORNIA LOS ANGELES COUNTY. Full name of registrant(s) is (are) SEAN ALLAUS. This Business is conducted by: AN INDIVIDUAL. Signed: SEAN ALLAUS OWNER. Publish: EMountain Views News Dates Pub: FEB 01, 08, 15, 22, 2025

FICTITIOUS BUSINESS NAME STATEMENT File No. 2025036161 The following person(s) is (are) doing business as: MORE MEDIA GROUP. 9701 WILSHIRE BLVD SUITE 1000 BEVERLY HILLS, CA 90212. This Business is conducted by: AN INDIVIDUAL. Signed: SEAN ALLAUS OWNER. Publish: EMountain Views News Dates Pub: FEB 01, 08, 15, 22, 2025

Mountain Views News 80 W Sierra Madre Blvd. No. 327 Sierra Madre, Ca. 91024	Office: 626.355.2737	Fax: 626.609.3285 Email: editor@mtnviewsnews.com	Website: www.mtnviewsnews.com
